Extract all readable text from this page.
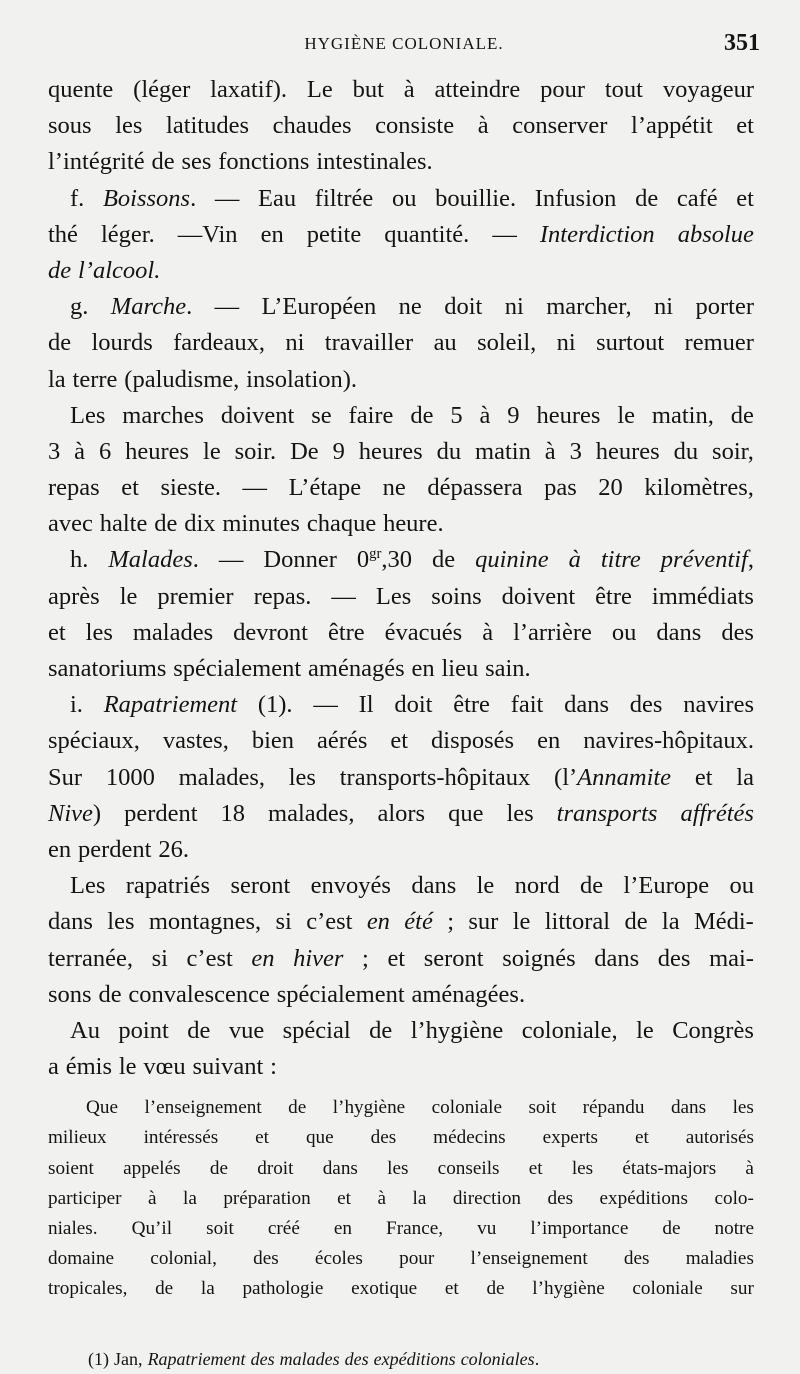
HYGIÈNE COLONIALE.	351
quente (léger laxatif). Le but à atteindre pour tout voyageur
sous les latitudes chaudes consiste à conserver l’appétit et
l’intégrité de ses fonctions intestinales.
f. Boissons. — Eau filtrée ou bouillie. Infusion de café et
thé léger. —Vin en petite quantité. — Interdiction absolue
de l’alcool.
g. Marche. — L’Européen ne doit ni marcher, ni porter
de lourds fardeaux, ni travailler au soleil, ni surtout remuer
la terre (paludisme, insolation).
Les marches doivent se faire de 5 à 9 heures le matin, de
3 à 6 heures le soir. De 9 heures du matin à 3 heures du soir,
repas et sieste. — L’étape ne dépassera pas 20 kilomètres,
avec halte de dix minutes chaque heure.
h. Malades. — Donner $0^{gr},30$ de quinine à titre préventif,
après le premier repas. — Les soins doivent être immédiats
et les malades devront être évacués à l’arrière ou dans des
sanatoriums spécialement aménagés en lieu sain.
i. Rapatriement (1). — Il doit être fait dans des navires
spéciaux, vastes, bien aérés et disposés en navires-hôpitaux.
Sur 1000 malades, les transports-hôpitaux (l’Annamite et la
Nive) perdent 18 malades, alors que les transports affrétés
en perdent 26.
Les rapatriés seront envoyés dans le nord de l’Europe ou
dans les montagnes, si c’est en été ; sur le littoral de la Médi-
terranée, si c’est en hiver ; et seront soignés dans des mai-
sons de convalescence spécialement aménagées.
Au point de vue spécial de l’hygiène coloniale, le Congrès
a émis le vœu suivant :
Que l’enseignement de l’hygiène coloniale soit répandu dans les
milieux intéressés et que des médecins experts et autorisés
soient appelés de droit dans les conseils et les états-majors à
participer à la préparation et à la direction des expéditions colo-
niales. Qu’il soit créé en France, vu l’importance de notre
domaine colonial, des écoles pour l’enseignement des maladies
tropicales, de la pathologie exotique et de l’hygiène coloniale sur
(1) Jan, Rapatriement des malades des expéditions coloniales.
